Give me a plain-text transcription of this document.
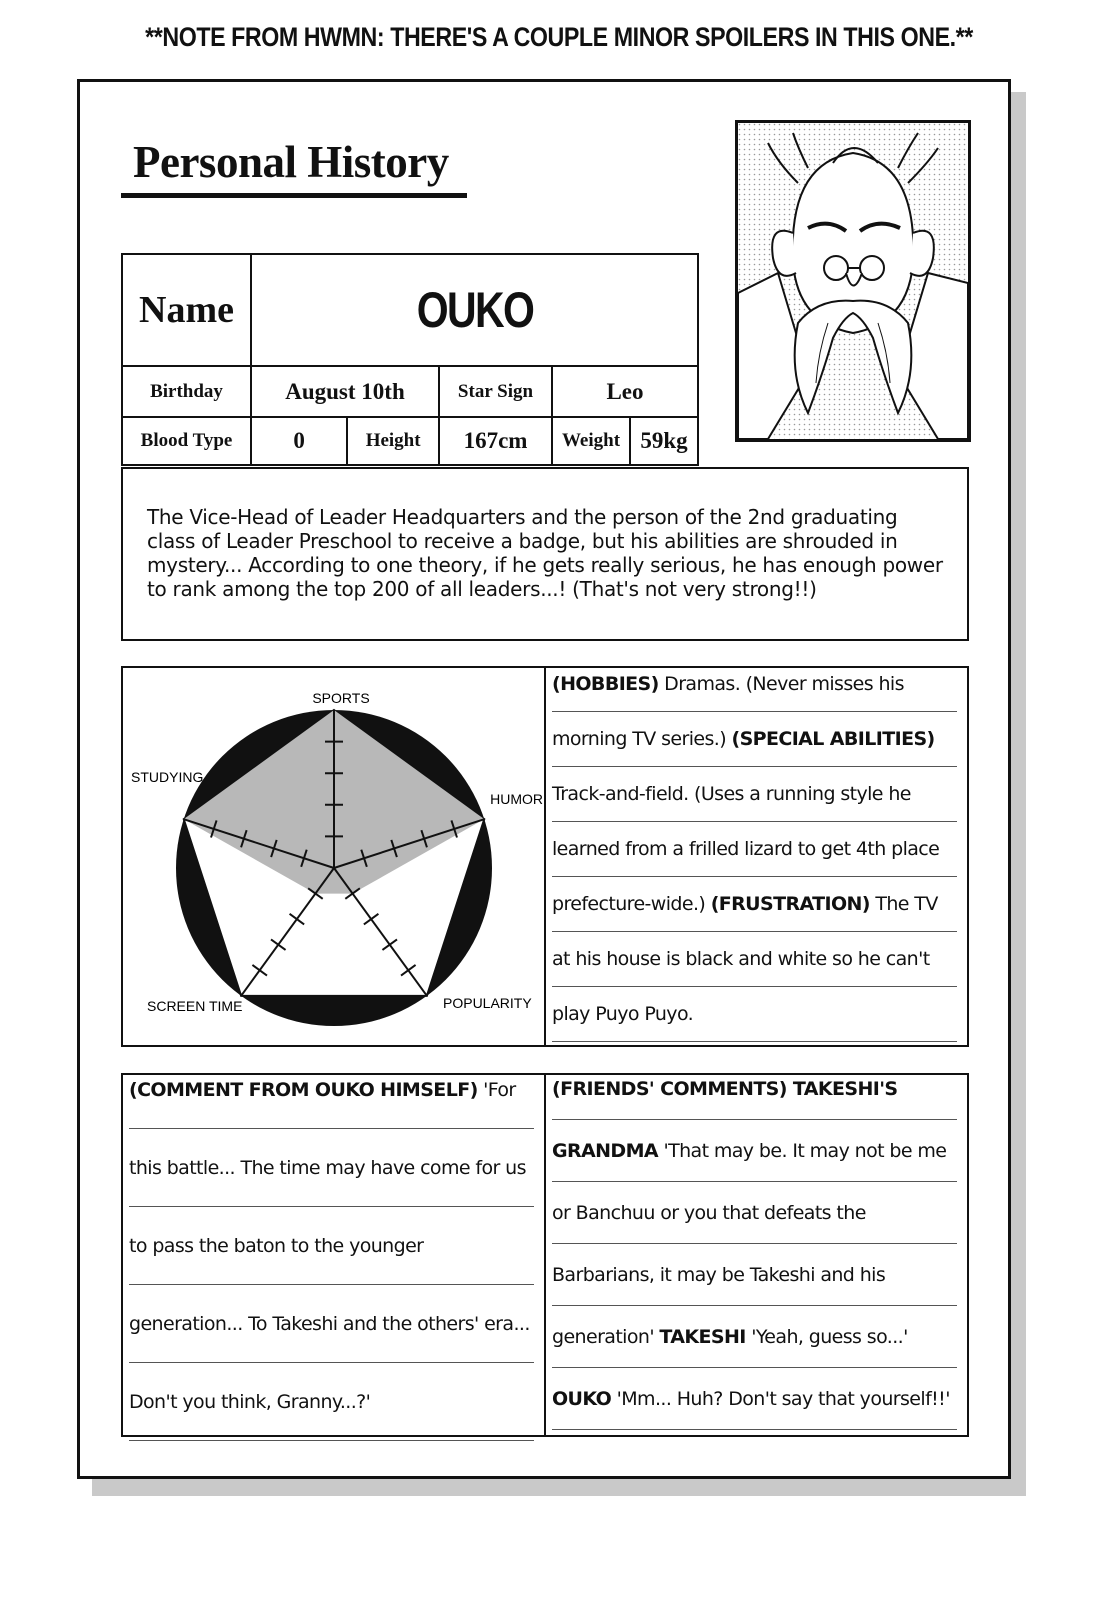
**NOTE FROM HWMN: THERE'S A COUPLE MINOR SPOILERS IN THIS ONE.**
Personal History
Name	OUKO				
Birthday	August 10th		Star Sign	Leo	
Blood Type	0	Height	167cm	Weight	59kg
The Vice-Head of Leader Headquarters and the person of the 2nd graduating class of Leader Preschool to receive a badge, but his abilities are shrouded in mystery... According to one theory, if he gets really serious, he has enough power to rank among the top 200 of all leaders...! (That's not very strong!!)
SPORTS
HUMOR
POPULARITY
SCREEN TIME
STUDYING

(HOBBIES) Dramas. (Never misses his morning TV series.) (SPECIAL ABILITIES) Track-and-field. (Uses a running style he learned from a frilled lizard to get 4th place prefecture-wide.) (FRUSTRATION) The TV at his house is black and white so he can't play Puyo Puyo.

(COMMENT FROM OUKO HIMSELF) 'For this battle... The time may have come for us to pass the baton to the younger generation... To Takeshi and the others' era... Don't you think, Granny...?'

(FRIENDS' COMMENTS) TAKESHI'S GRANDMA 'That may be. It may not be me or Banchuu or you that defeats the Barbarians, it may be Takeshi and his generation' TAKESHI 'Yeah, guess so...' OUKO 'Mm... Huh? Don't say that yourself!!'
